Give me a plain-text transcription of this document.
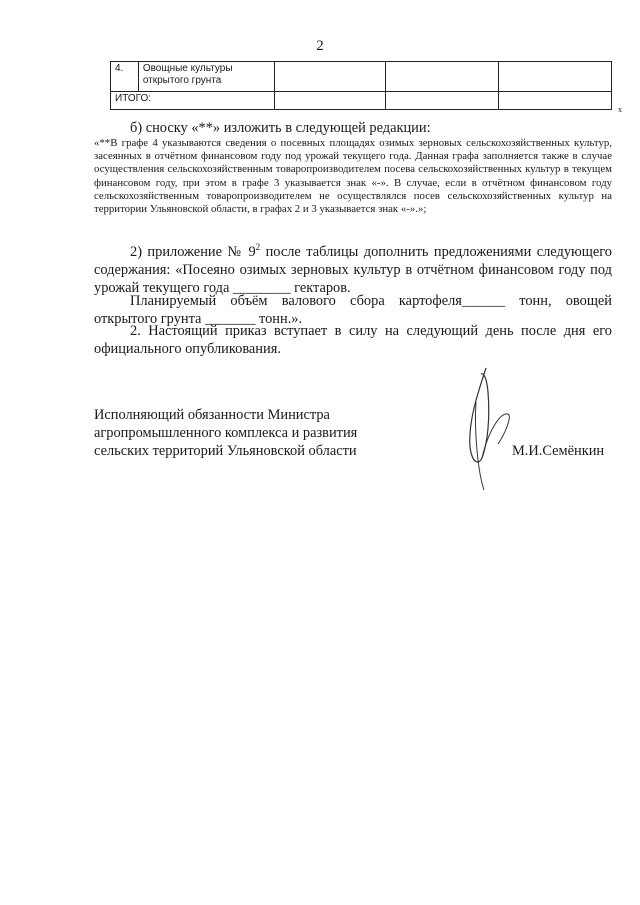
2
4.	Овощные культуры открытого грунта			
ИТОГО:				
x
б) сноску «**» изложить в следующей редакции:
«**В графе 4 указываются сведения о посевных площадях озимых зерновых сельскохозяйственных культур, засеянных в отчётном финансовом году под урожай текущего года. Данная графа заполняется также в случае осуществления сельскохозяйственным товаропроизводителем посева сельскохозяйственных культур в текущем финансовом году, при этом в графе 3 указывается знак «-». В случае, если в отчётном финансовом году сельскохозяйственным товаропроизводителем не осуществлялся посев сельскохозяйственных культур на территории Ульяновской области, в графах 2 и 3 указывается знак «-».»;
2) приложение № $9^2$ после таблицы дополнить предложениями следующего содержания: «Посеяно озимых зерновых культур в отчётном финансовом году под урожай текущего года ________ гектаров.
Планируемый объём валового сбора картофеля______ тонн, овощей открытого грунта _______ тонн.».
2. Настоящий приказ вступает в силу на следующий день после дня его официального опубликования.
Исполняющий обязанности Министра
агропромышленного комплекса и развития
сельских территорий Ульяновской области	М.И.Семёнкин
